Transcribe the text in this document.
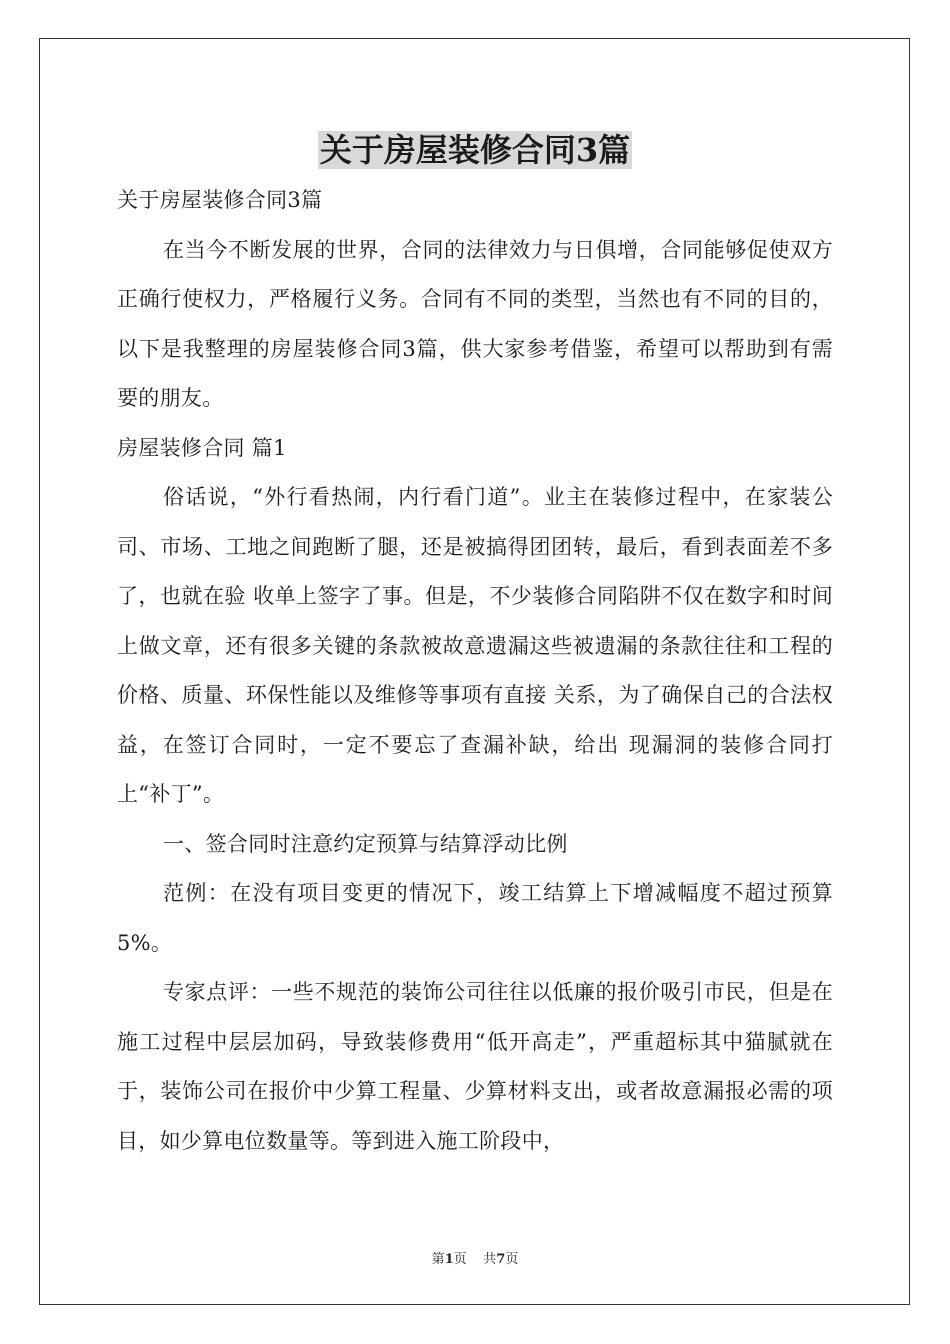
关于房屋装修合同3篇

关于房屋装修合同3篇

在当今不断发展的世界，合同的法律效力与日俱增，合同能够促使双方正确行使权力，严格履行义务。合同有不同的类型，当然也有不同的目的，以下是我整理的房屋装修合同3篇，供大家参考借鉴，希望可以帮助到有需要的朋友。

房屋装修合同 篇1

俗话说，“外行看热闹，内行看门道”。业主在装修过程中，在家装公司、市场、工地之间跑断了腿，还是被搞得团团转，最后，看到表面差不多了，也就在验 收单上签字了事。但是，不少装修合同陷阱不仅在数字和时间上做文章，还有很多关键的条款被故意遗漏这些被遗漏的条款往往和工程的价格、质量、环保性能以及维修等事项有直接 关系，为了确保自己的合法权益，在签订合同时，一定不要忘了查漏补缺，给出 现漏洞的装修合同打上“补丁”。

一、签合同时注意约定预算与结算浮动比例

范例：在没有项目变更的情况下，竣工结算上下增减幅度不超过预算5%。

专家点评：一些不规范的装饰公司往往以低廉的报价吸引市民，但是在施工过程中层层加码，导致装修费用“低开高走”，严重超标其中猫腻就在于，装饰公司在报价中少算工程量、少算材料支出，或者故意漏报必需的项目，如少算电位数量等。等到进入施工阶段中，

第1页    共7页
